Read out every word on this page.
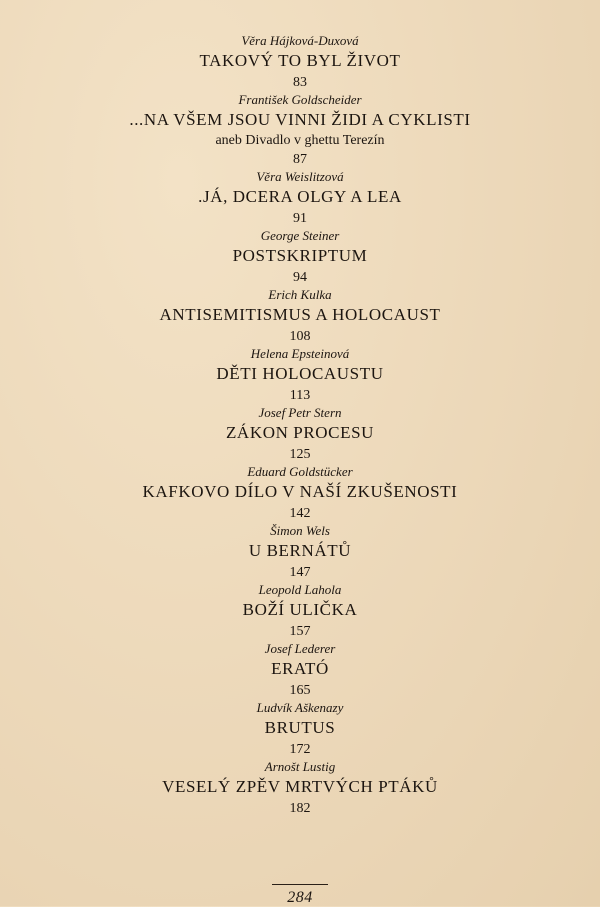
Věra Hájková-Duxová
TAKOVÝ TO BYL ŽIVOT
83
František Goldscheider
...NA VŠEM JSOU VINNI ŽIDI A CYKLISTI
aneb Divadlo v ghettu Terezín
87
Věra Weislitzová
.JÁ, DCERA OLGY A LEA
91
George Steiner
POSTSKRIPTUM
94
Erich Kulka
ANTISEMITISMUS A HOLOCAUST
108
Helena Epsteinová
DĚTI HOLOCAUSTU
113
Josef Petr Stern
ZÁKON PROCESU
125
Eduard Goldstücker
KAFKOVO DÍLO V NAŠÍ ZKUŠENOSTI
142
Šimon Wels
U BERNÁTŮ
147
Leopold Lahola
BOŽÍ ULIČKA
157
Josef Lederer
ERATÓ
165
Ludvík Aškenazy
BRUTUS
172
Arnošt Lustig
VESELÝ ZPĚV MRTVÝCH PTÁKŮ
182
284
